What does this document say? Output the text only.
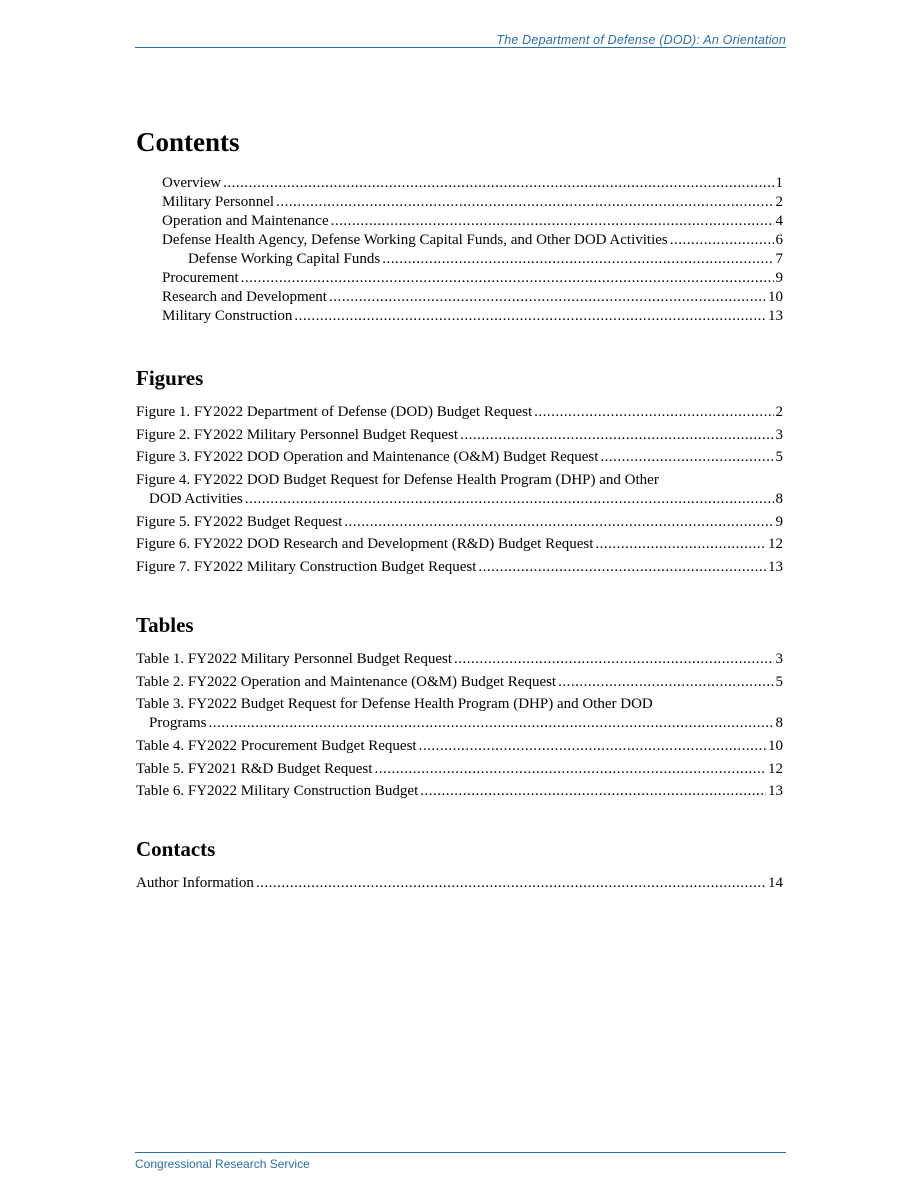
The Department of Defense (DOD): An Orientation
Contents
Overview .....	1
Military Personnel .....	2
Operation and Maintenance .....	4
Defense Health Agency, Defense Working Capital Funds, and Other DOD Activities .....	6
Defense Working Capital Funds .....	7
Procurement .....	9
Research and Development .....	10
Military Construction .....	13
Figures
Figure 1. FY2022 Department of Defense (DOD) Budget Request .....	2
Figure 2. FY2022 Military Personnel Budget Request .....	3
Figure 3. FY2022 DOD Operation and Maintenance (O&M) Budget Request .....	5
Figure 4. FY2022 DOD Budget Request for Defense Health Program (DHP) and Other
DOD Activities .....	8
Figure 5. FY2022 Budget Request .....	9
Figure 6. FY2022 DOD Research and Development (R&D) Budget Request .....	12
Figure 7. FY2022 Military Construction Budget Request .....	13
Tables
Table 1. FY2022 Military Personnel Budget Request .....	3
Table 2. FY2022 Operation and Maintenance (O&M) Budget Request .....	5
Table 3. FY2022 Budget Request for Defense Health Program (DHP) and Other DOD
Programs .....	8
Table 4. FY2022 Procurement Budget Request .....	10
Table 5. FY2021 R&D Budget Request .....	12
Table 6. FY2022 Military Construction Budget .....	13
Contacts
Author Information .....	14
Congressional Research Service
